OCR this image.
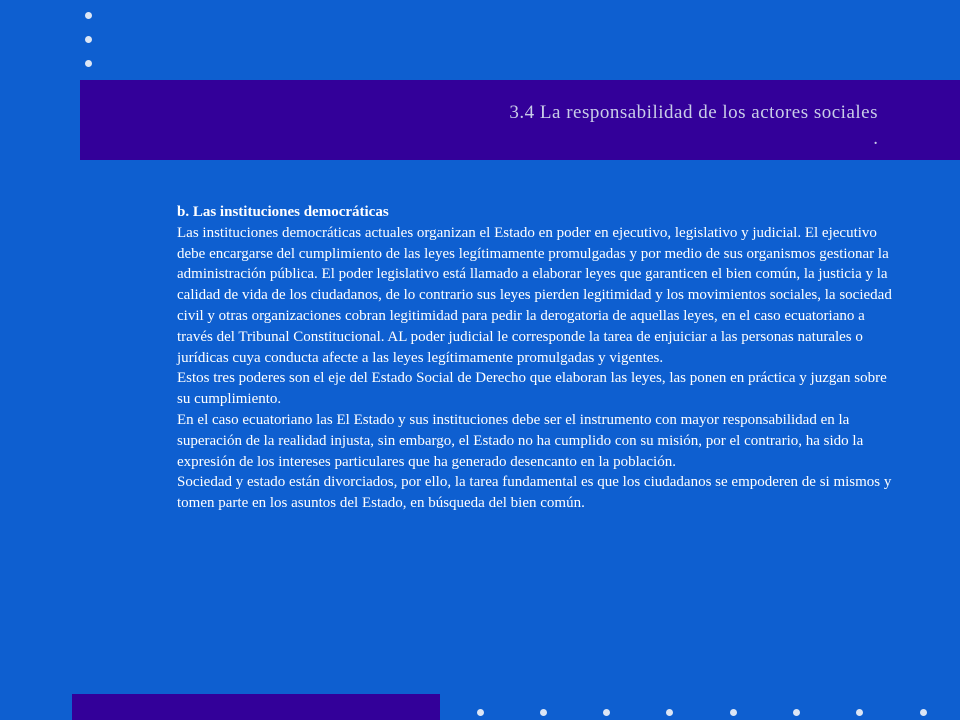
3.4 La responsabilidad de los actores sociales
.

b. Las instituciones democráticas

Las instituciones democráticas actuales organizan el Estado en poder en ejecutivo, legislativo y judicial. El ejecutivo debe encargarse del cumplimiento de las leyes legítimamente promulgadas y por medio de sus organismos gestionar la administración pública. El poder legislativo está llamado a elaborar leyes que garanticen el bien común, la justicia y la calidad de vida de los ciudadanos, de lo contrario sus leyes pierden legitimidad y los movimientos sociales, la sociedad civil y otras organizaciones cobran legitimidad para pedir la derogatoria de aquellas leyes, en el caso ecuatoriano a través del Tribunal Constitucional. AL poder judicial le corresponde la tarea de enjuiciar a las personas naturales o jurídicas cuya conducta afecte a las leyes legítimamente promulgadas y vigentes.

Estos tres poderes son el eje del Estado Social de Derecho que elaboran las leyes, las ponen en práctica y juzgan sobre su cumplimiento.

En el caso ecuatoriano las El Estado y sus instituciones debe ser el instrumento con mayor responsabilidad en la superación de la realidad injusta, sin embargo, el Estado no ha cumplido con su misión, por el contrario, ha sido la expresión de los intereses particulares que ha generado desencanto en la población.

Sociedad y estado están divorciados, por ello, la tarea fundamental es que los ciudadanos se empoderen de si mismos y tomen parte en los asuntos del Estado, en búsqueda del bien común.
